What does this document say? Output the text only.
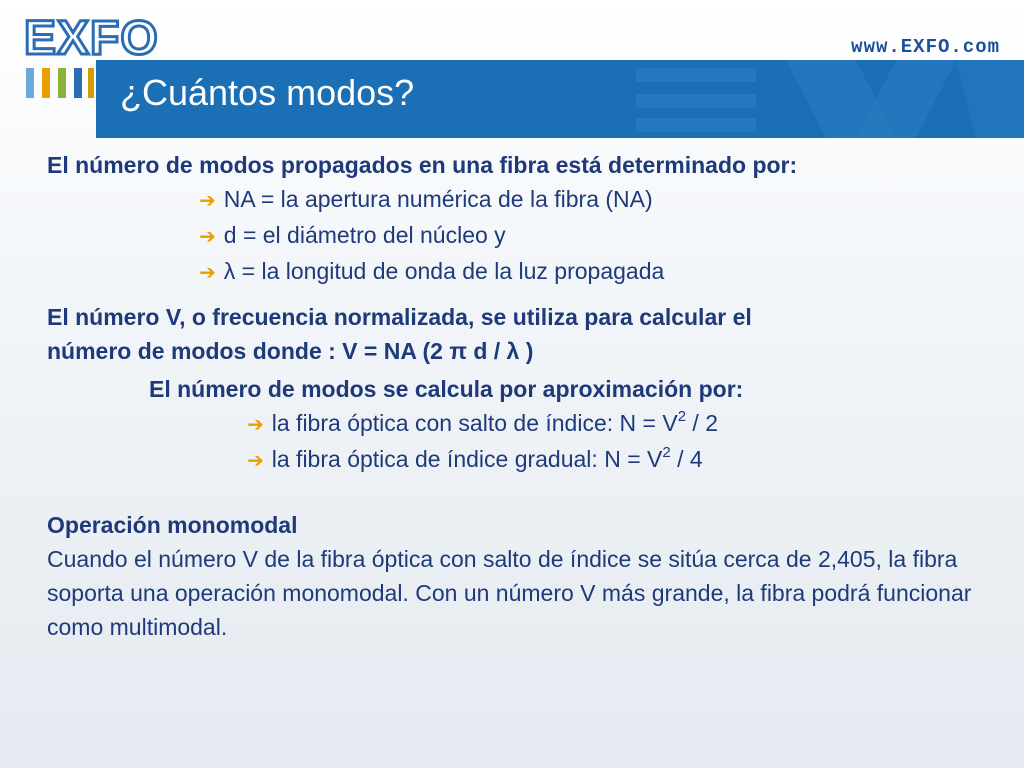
EXFO	www.EXFO.com
¿Cuántos modos?
El número de modos propagados en una fibra está determinado por:
➔ NA = la apertura numérica de la fibra (NA)
➔ d = el diámetro del núcleo y
➔ λ = la longitud de onda de la luz propagada
El número V, o frecuencia normalizada, se utiliza para calcular el
número de modos donde : V = NA (2 π d / λ )
El número de modos se calcula por aproximación por:
➔ la fibra óptica con salto de índice: $N = V^2 / 2$
➔ la fibra óptica de índice gradual: $N = V^2 / 4$
Operación monomodal
Cuando el número V de la fibra óptica con salto de índice se sitúa cerca de 2,405, la fibra soporta una operación monomodal. Con un número V más grande, la fibra podrá funcionar como multimodal.
